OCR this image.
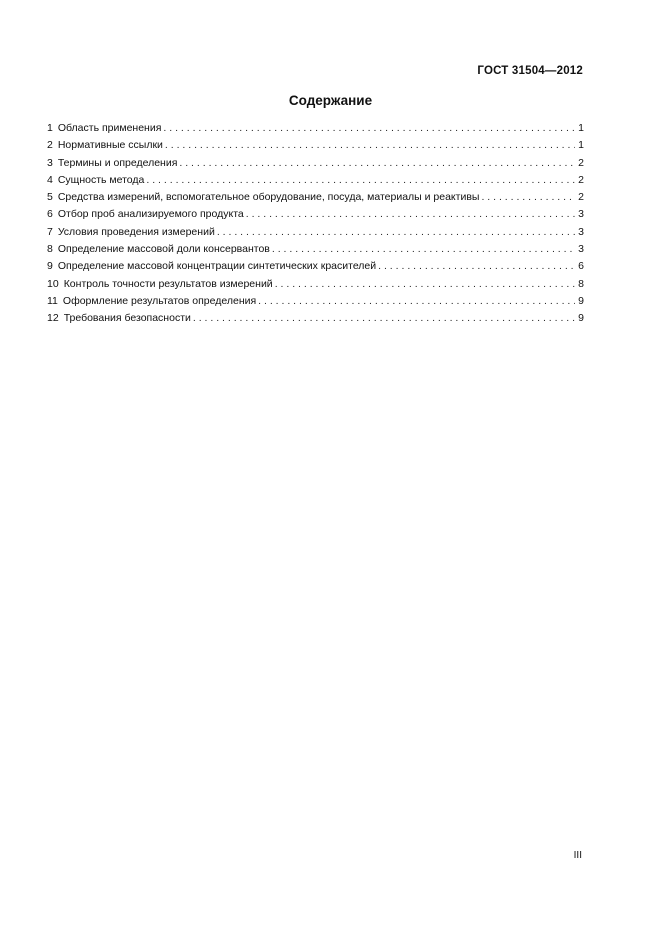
ГОСТ 31504—2012
Содержание
1 Область применения . . .	1
2 Нормативные ссылки . . .	1
3 Термины и определения . . .	2
4 Сущность метода . . .	2
5 Средства измерений, вспомогательное оборудование, посуда, материалы и реактивы . . .	2
6 Отбор проб анализируемого продукта . . .	3
7 Условия проведения измерений . . .	3
8 Определение массовой доли консервантов . . .	3
9 Определение массовой концентрации синтетических красителей . . .	6
10 Контроль точности результатов измерений . . .	8
11 Оформление результатов определения . . .	9
12 Требования безопасности . . .	9
III
